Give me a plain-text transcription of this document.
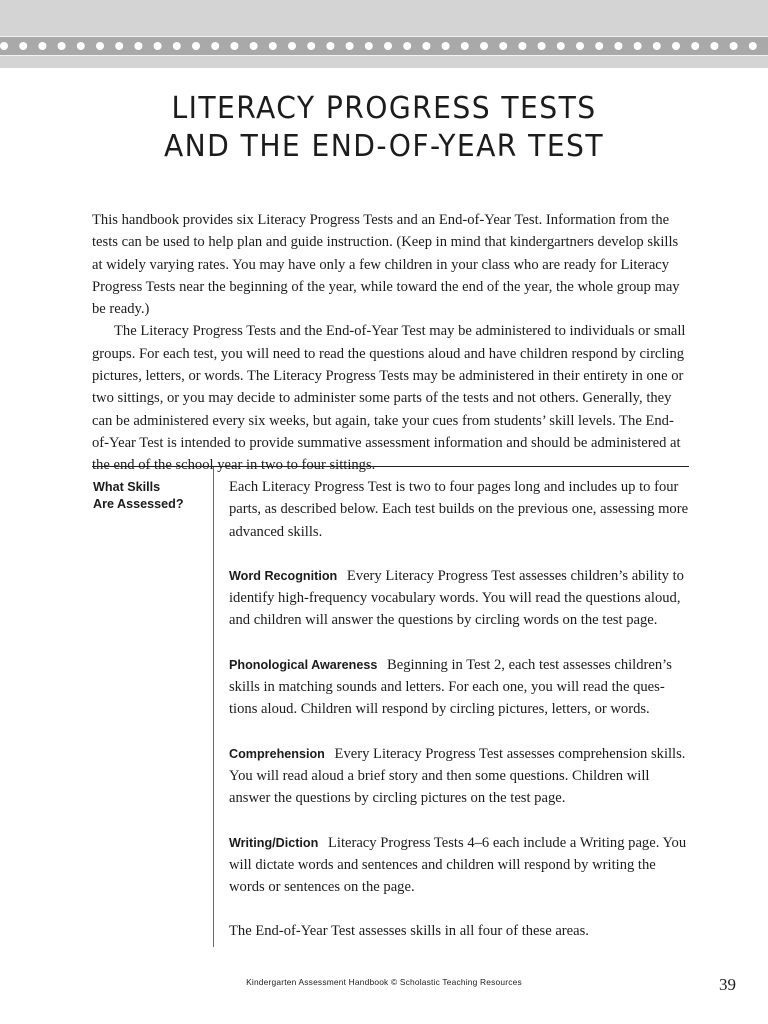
LITERACY PROGRESS TESTS
AND THE END-OF-YEAR TEST

This handbook provides six Literacy Progress Tests and an End-of-Year Test. Information from the tests can be used to help plan and guide instruction. (Keep in mind that kindergartners develop skills at widely varying rates. You may have only a few children in your class who are ready for Literacy Progress Tests near the beginning of the year, while toward the end of the year, the whole group may be ready.)

The Literacy Progress Tests and the End-of-Year Test may be administered to individuals or small groups. For each test, you will need to read the questions aloud and have children respond by circling pictures, letters, or words. The Literacy Progress Tests may be administered in their entirety in one or two sittings, or you may decide to administer some parts of the tests and not others. Generally, they can be administered every six weeks, but again, take your cues from students’ skill levels. The End-of-Year Test is intended to provide summative assessment information and should be administered at the end of the school year in two to four sittings.

What Skills
Are Assessed?

Each Literacy Progress Test is two to four pages long and includes up to four parts, as described below. Each test builds on the previous one, assessing more advanced skills.

Word Recognition Every Literacy Progress Test assesses children’s ability to identify high-frequency vocabulary words. You will read the questions aloud, and children will answer the questions by circling words on the test page.

Phonological Awareness Beginning in Test 2, each test assesses children’s skills in matching sounds and letters. For each one, you will read the ques-tions aloud. Children will respond by circling pictures, letters, or words.

Comprehension Every Literacy Progress Test assesses comprehension skills. You will read aloud a brief story and then some questions. Children will answer the questions by circling pictures on the test page.

Writing/Diction Literacy Progress Tests 4–6 each include a Writing page. You will dictate words and sentences and children will respond by writing the words or sentences on the page.

The End-of-Year Test assesses skills in all four of these areas.

Kindergarten Assessment Handbook © Scholastic Teaching Resources	39
